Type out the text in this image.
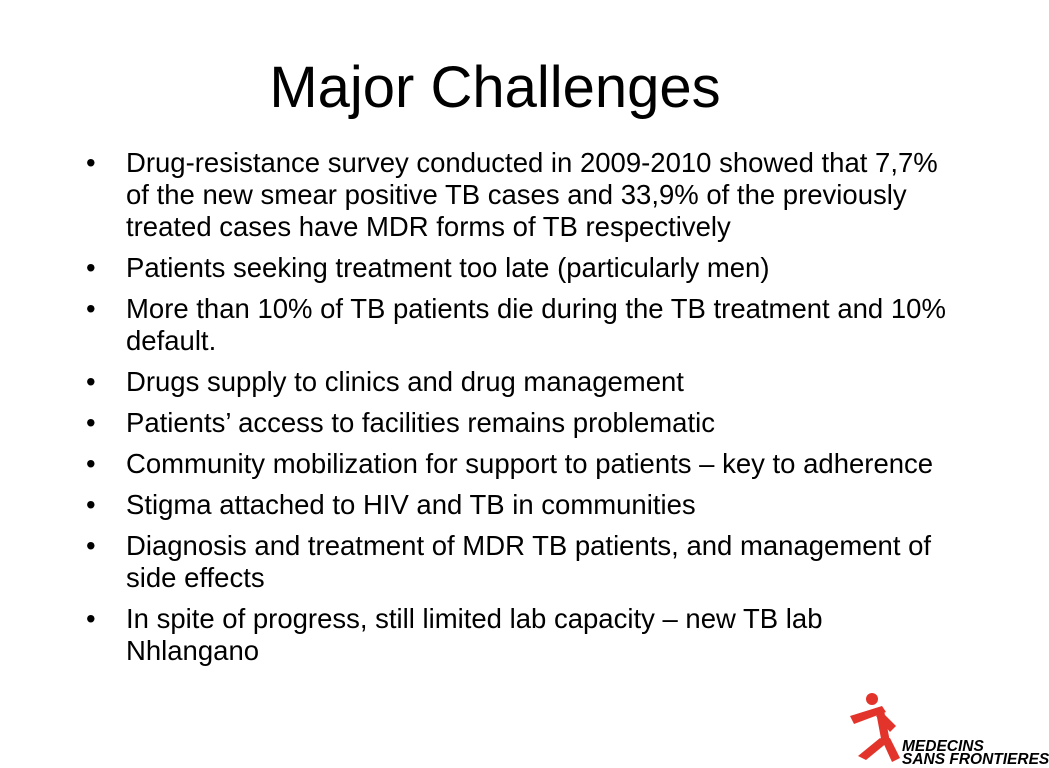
Major Challenges
• Drug-resistance survey conducted in 2009-2010 showed that 7,7% of the new smear positive TB cases and 33,9% of the previously treated cases have MDR forms of TB respectively
• Patients seeking treatment too late (particularly men)
• More than 10% of TB patients die during the TB treatment and 10% default.
• Drugs supply to clinics and drug management
• Patients’ access to facilities remains problematic
• Community mobilization for support to patients – key to adherence
• Stigma attached to HIV and TB in communities
• Diagnosis and treatment of MDR TB patients, and management of side effects
• In spite of progress, still limited lab capacity – new TB lab Nhlangano
MEDECINS
SANS FRONTIERES
